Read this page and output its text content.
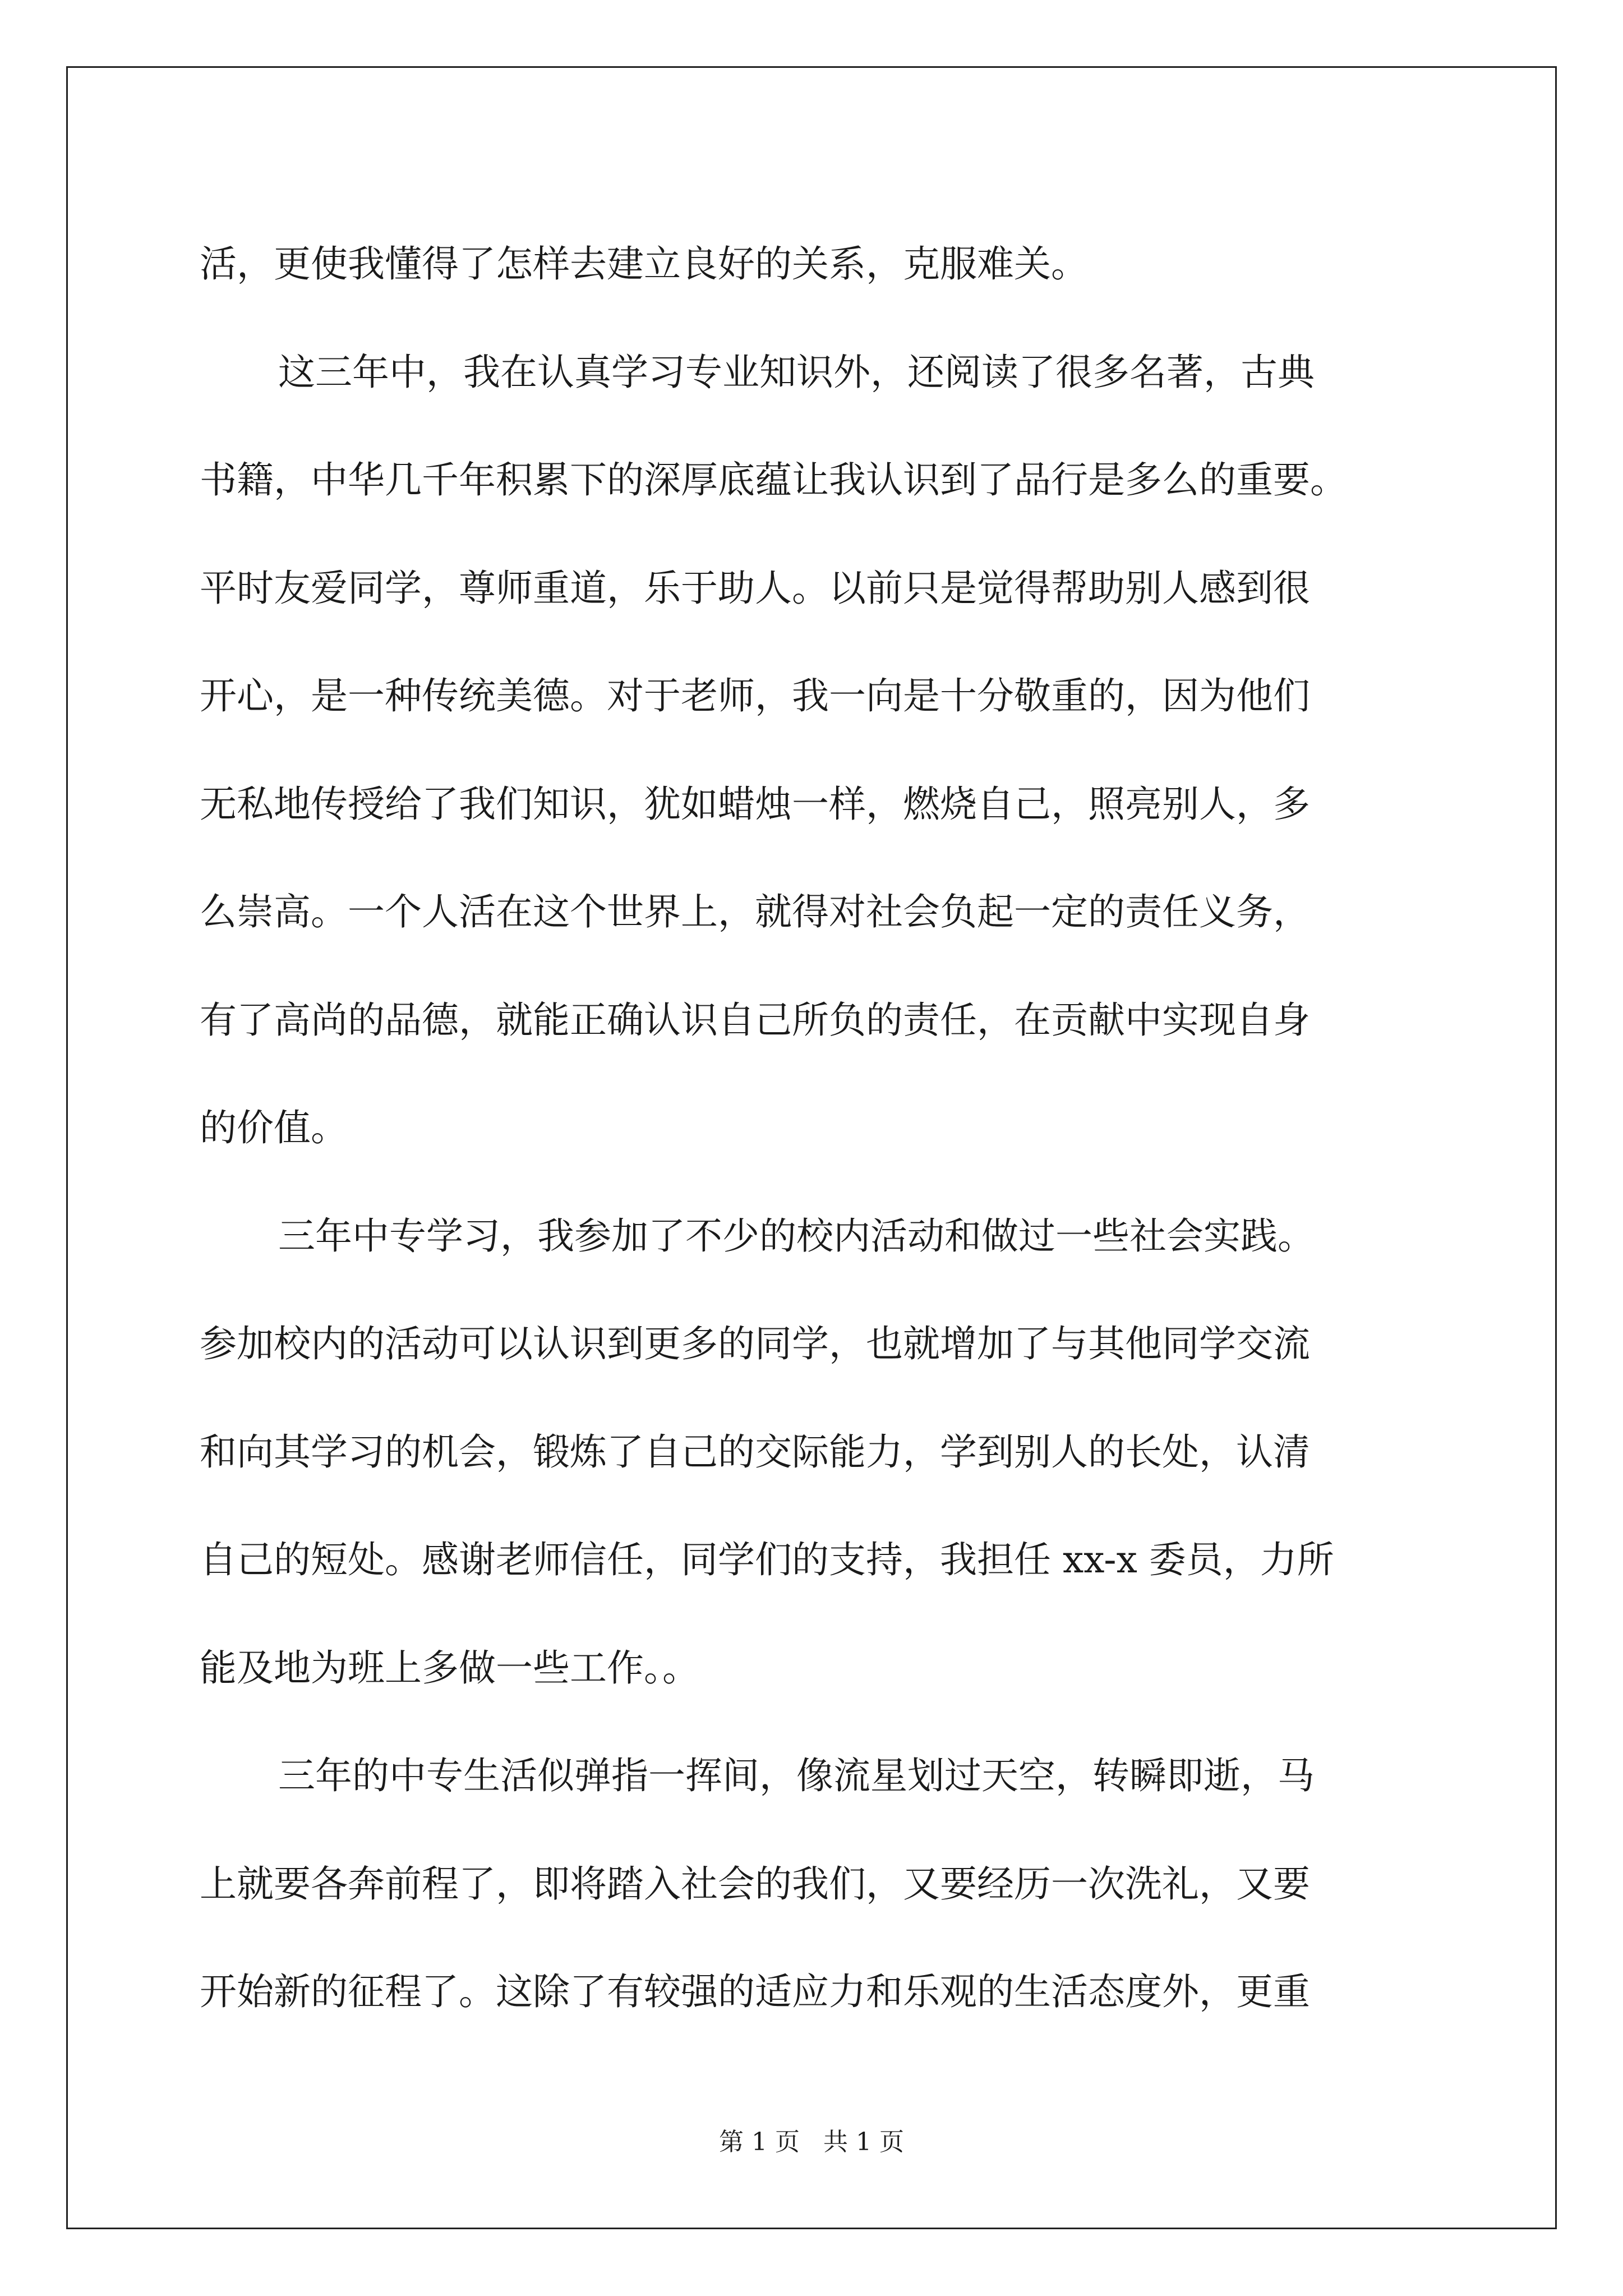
活，更使我懂得了怎样去建立良好的关系，克服难关。

这三年中，我在认真学习专业知识外，还阅读了很多名著，古典

书籍，中华几千年积累下的深厚底蕴让我认识到了品行是多么的重要。

平时友爱同学，尊师重道，乐于助人。以前只是觉得帮助别人感到很

开心，是一种传统美德。对于老师，我一向是十分敬重的，因为他们

无私地传授给了我们知识，犹如蜡烛一样，燃烧自己，照亮别人，多

么崇高。一个人活在这个世界上，就得对社会负起一定的责任义务，

有了高尚的品德，就能正确认识自己所负的责任，在贡献中实现自身

的价值。

三年中专学习，我参加了不少的校内活动和做过一些社会实践。

参加校内的活动可以认识到更多的同学，也就增加了与其他同学交流

和向其学习的机会，锻炼了自己的交际能力，学到别人的长处，认清

自己的短处。感谢老师信任，同学们的支持，我担任 xx-x 委员，力所

能及地为班上多做一些工作。。

三年的中专生活似弹指一挥间，像流星划过天空，转瞬即逝，马

上就要各奔前程了，即将踏入社会的我们，又要经历一次洗礼，又要

开始新的征程了。这除了有较强的适应力和乐观的生活态度外，更重

第 1 页   共 1 页
